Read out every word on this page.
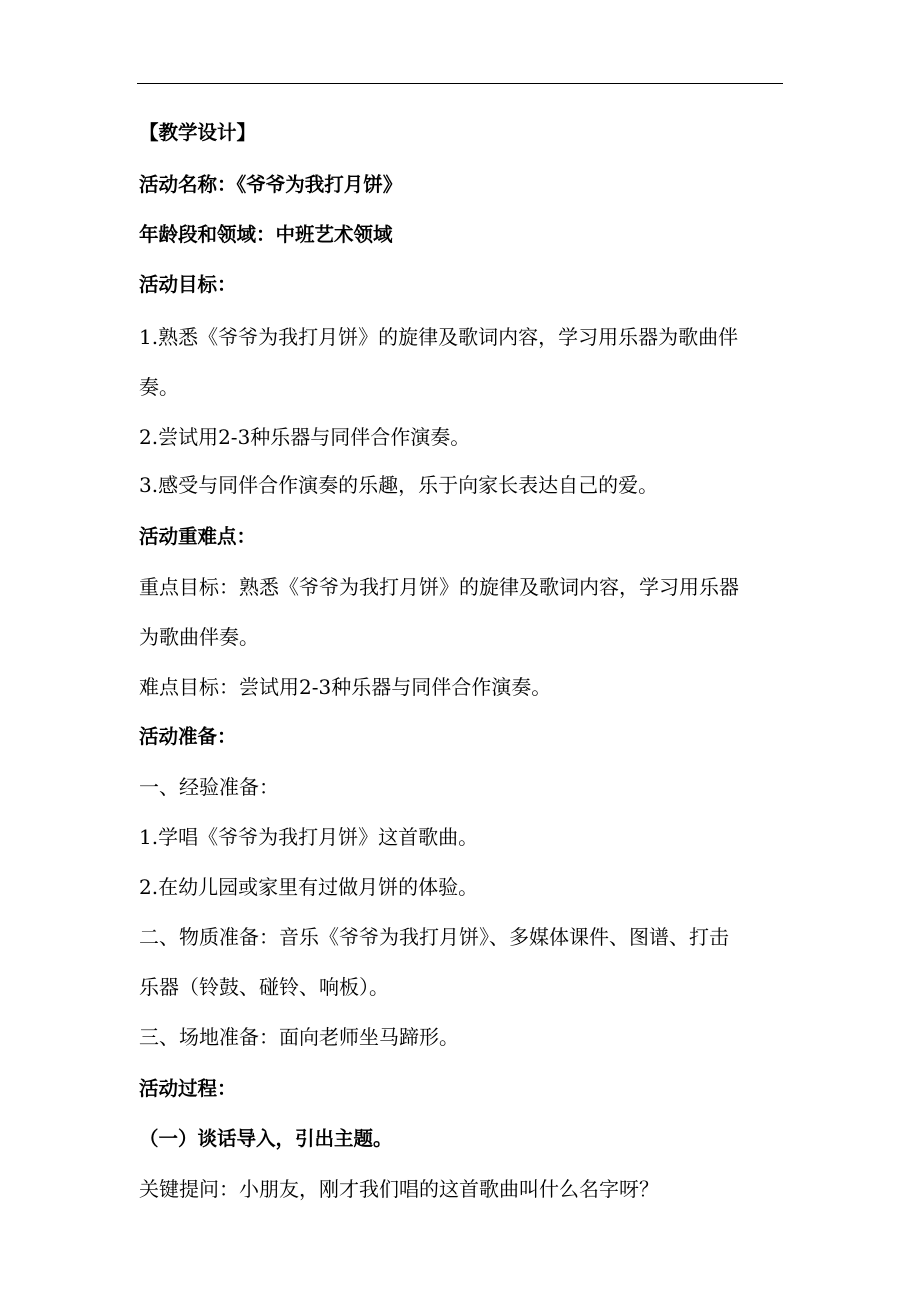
【教学设计】
活动名称：《爷爷为我打月饼》
年龄段和领域：中班艺术领域
活动目标：
1.熟悉《爷爷为我打月饼》的旋律及歌词内容，学习用乐器为歌曲伴
奏。
2.尝试用2-3种乐器与同伴合作演奏。
3.感受与同伴合作演奏的乐趣，乐于向家长表达自己的爱。
活动重难点：
重点目标：熟悉《爷爷为我打月饼》的旋律及歌词内容，学习用乐器
为歌曲伴奏。
难点目标：尝试用2-3种乐器与同伴合作演奏。
活动准备：
一、经验准备：
1.学唱《爷爷为我打月饼》这首歌曲。
2.在幼儿园或家里有过做月饼的体验。
二、物质准备：音乐《爷爷为我打月饼》、多媒体课件、图谱、打击
乐器（铃鼓、碰铃、响板）。
三、场地准备：面向老师坐马蹄形。
活动过程：
（一）谈话导入，引出主题。
关键提问：小朋友，刚才我们唱的这首歌曲叫什么名字呀？
